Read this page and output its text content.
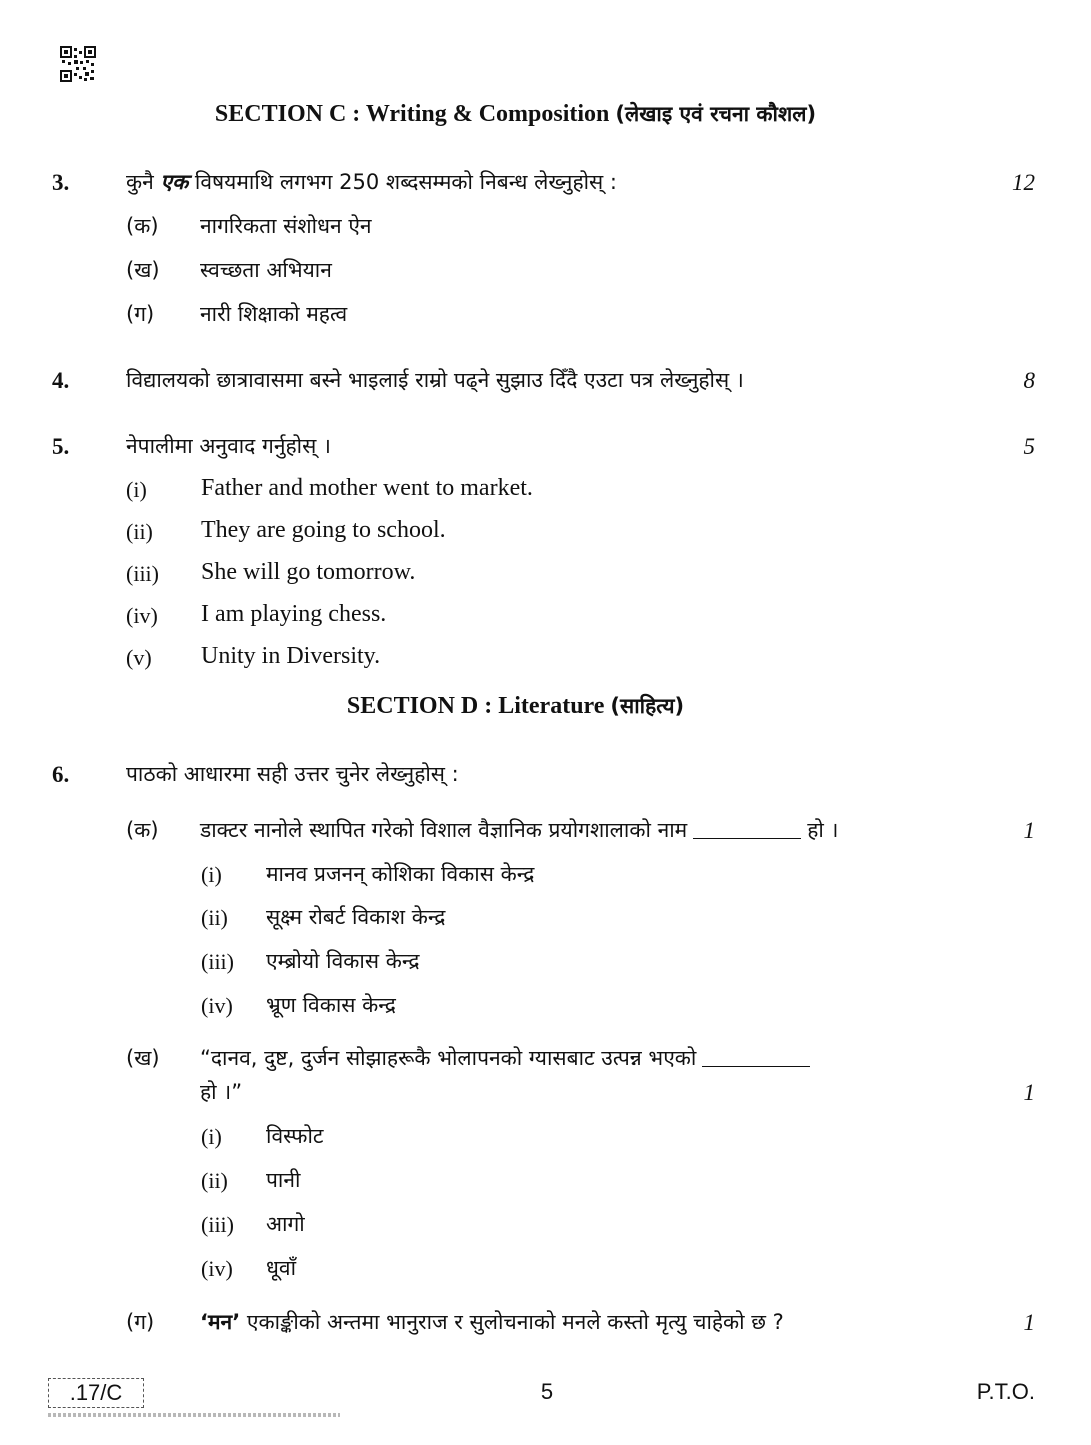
SECTION C : Writing & Composition (लेखाइ एवं रचना कौशल)
3.	कुनै एक विषयमाथि लगभग 250 शब्दसम्मको निबन्ध लेख्नुहोस् :	12
(क) नागरिकता संशोधन ऐन
(ख) स्वच्छता अभियान
(ग) नारी शिक्षाको महत्व
4.	विद्यालयको छात्रावासमा बस्ने भाइलाई राम्रो पढ्ने सुझाउ दिँदै एउटा पत्र लेख्नुहोस् ।	8
5.	नेपालीमा अनुवाद गर्नुहोस् ।	5
(i) Father and mother went to market.
(ii) They are going to school.
(iii) She will go tomorrow.
(iv) I am playing chess.
(v) Unity in Diversity.
SECTION D : Literature (साहित्य)
6.	पाठको आधारमा सही उत्तर चुनेर लेख्नुहोस् :
(क) डाक्टर नानोले स्थापित गरेको विशाल वैज्ञानिक प्रयोगशालाको नाम	हो ।	1
(i) मानव प्रजनन् कोशिका विकास केन्द्र
(ii) सूक्ष्म रोबर्ट विकाश केन्द्र
(iii) एम्ब्रोयो विकास केन्द्र
(iv) भ्रूण विकास केन्द्र
(ख) “दानव, दुष्ट, दुर्जन सोझाहरूकै भोलापनको ग्यासबाट उत्पन्न भएको
हो ।”	1
(i) विस्फोट
(ii) पानी
(iii) आगो
(iv) धूवाँ
(ग) ‘मन’ एकाङ्कीको अन्तमा भानुराज र सुलोचनाको मनले कस्तो मृत्यु चाहेको छ ?	1
.17/C	5	P.T.O.
